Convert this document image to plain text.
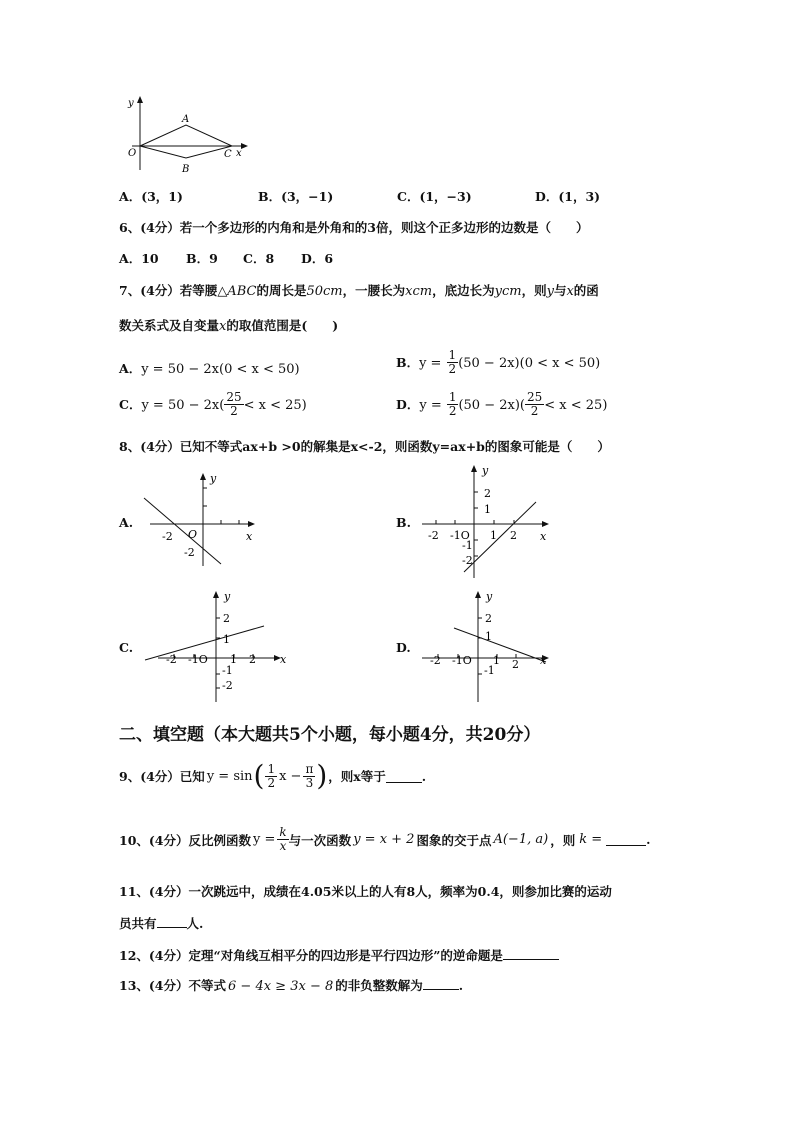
y
A
O	C x
B
A．(3，1)	B．(3，−1)	C．(1，−3)	D．(1，3)
6、(4分）若一个多边形的内角和是外角和的3倍，则这个正多边形的边数是（　　）
A．10 B．9 C．8 D．6
7、(4分）若等腰△ABC的周长是50cm，一腰长为xcm，底边长为ycm，则y与x的函
数关系式及自变量x的取值范围是(　　)
A．y = 50 − 2x(0 < x < 50)	B．$y = \frac{1}{2} (50 - 2x)(0 < x < 50)$
C．$y = 50 - 2x( \frac{25}{2} < x < 25)$	D．$y = \frac{1}{2} (50 - 2x)( \frac{25}{2} < x < 25)$
8、(4分）已知不等式ax+b >0的解集是x<-2，则函数y=ax+b的图象可能是（　　）
A.
y
x
-2 O
-2
B.
y
x
2
1
-2 -1O 1 2
-1
-2
C.
y
x
2
1
-2 -1O 1 2
-1
-2
D.
y
x
2
1
-2 -1O 1 2
-1
二、填空题（本大题共5个小题，每小题4分，共20分）
9、(4分）已知 y = sin ( $\frac{1}{2}$ $x - \frac{\pi}{3}$ ) ，则x等于	.
10、(4分）反比例函数 $y = \frac{k}{x}$ 与一次函数 y = x + 2 图象的交于点 A(−1, a) ，则 k =	.
11、(4分）一次跳远中，成绩在4.05米以上的人有8人，频率为0.4，则参加比赛的运动
员共有 人.
12、(4分）定理“对角线互相平分的四边形是平行四边形”的逆命题是
13、(4分）不等式 6 − 4x ≥ 3x − 8 的非负整数解为	.
